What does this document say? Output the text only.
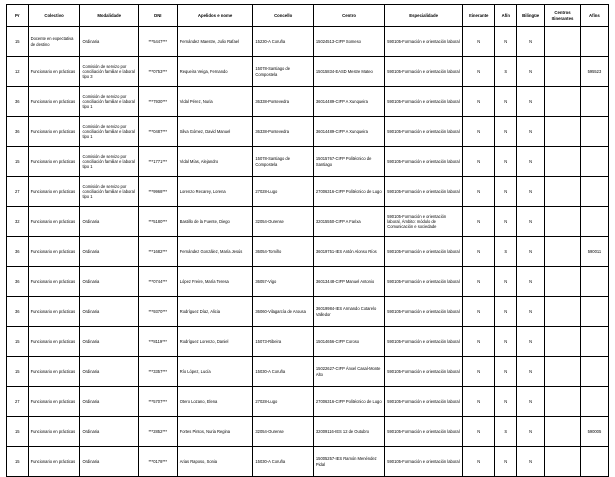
Pr	Colectivo	Modalidade	DNI	Apelidos e nome	Concello	Centro	Especialidade	Itinerante	Afín	Bilingüe	Centros Itinerantes	Afíns
15	Docente en expectativa de destino	Ordinaria	***5447***	Fernández Maestre, Julio Rafael	15230-A Coruña	15024513-CIFP Someso	590105-Formación e orientación laboral	N	N	N		
12	Funcionario en prácticas	Comisión de servizo por conciliación familiar e laboral tipo 3	***0753***	Requeira Veiga, Fernando	15078-Santiago de Compostela	15015834-EASD Mestre Mateo	590105-Formación e orientación laboral	N	S	N		595523
36	Funcionario en prácticas	Comisión de servizo por conciliación familiar e laboral tipo 1	***7930***	Vidal Pérez, Nuria	36338-Pontevedra	36014489-CIFP A Xunqueira	590105-Formación e orientación laboral	N	N	N		
36	Funcionario en prácticas	Comisión de servizo por conciliación familiar e laboral tipo 1	***0487***	Silva Gómez, David Manuel	36338-Pontevedra	36014489-CIFP A Xunqueira	590105-Formación e orientación laboral	N	N	N		
15	Funcionario en prácticas	Comisión de servizo por conciliación familiar e laboral tipo 1	***1771***	Vidal Mías, Alejandro	15078-Santiago de Compostela	15015767-CIFP Politécnico de Santiago	590105-Formación e orientación laboral	N	N	N		
27	Funcionario en prácticas	Comisión de servizo por conciliación familiar e laboral tipo 1	***9968***	Lorenzo Recarey, Lorena	27028-Lugo	27006316-CIFP Politécnico de Lugo	590105-Formación e orientación laboral	N	N	N		
32	Funcionario en prácticas	Ordinaria	***5180***	Bastillo de la Fuente, Diego	32054-Ourense	32015550-CIFP A Farixa	590105-Formación e orientación laboral, Ámbito: módulo de Comunicación e sociedade	N	N	N		
36	Funcionario en prácticas	Ordinaria	***1682***	Fernández González, María Jesús	36054-Tomiño	36019751-IES Antón Alonso Ríos	590105-Formación e orientación laboral	N	S	N		590011
36	Funcionario en prácticas	Ordinaria	***0744***	López Freire, María Teresa	36057-Vigo	36013448-CIFP Manuel Antonio	590105-Formación e orientación laboral	N	N	N		
36	Funcionario en prácticas	Ordinaria	***9370***	Rodríguez Díaz, Alicia	36060-Vilagarcía de Arousa	36019984-IES Armando Cotarelo Valledor	590105-Formación e orientación laboral	N	N	N		
15	Funcionario en prácticas	Ordinaria	***8119***	Rodríguez Lorenzo, Daniel	15073-Ribeira	15014656-CIFP Coroso	590105-Formación e orientación laboral	N	N	N		
15	Funcionario en prácticas	Ordinaria	***3357***	Río López, Lucía	15030-A Coruña	15022627-CIFP Ánxel Casal-Monte Alto	590105-Formación e orientación laboral	N	N	N		
27	Funcionario en prácticas	Ordinaria	***5707***	Otero Lozano, Elena	27028-Lugo	27006316-CIFP Politécnico de Lugo	590105-Formación e orientación laboral	N	N	N		
15	Funcionario en prácticas	Ordinaria	***2852***	Fortes Pintos, Nuria Regina	32054-Ourense	32009116-IES 12 de Outubro	590105-Formación e orientación laboral	N	S	N		590005
15	Funcionario en prácticas	Ordinaria	***0178***	Arias Raposo, Sonia	15030-A Coruña	15005257-IES Ramón Menéndez Pidal	590105-Formación e orientación laboral	N	N	N		
